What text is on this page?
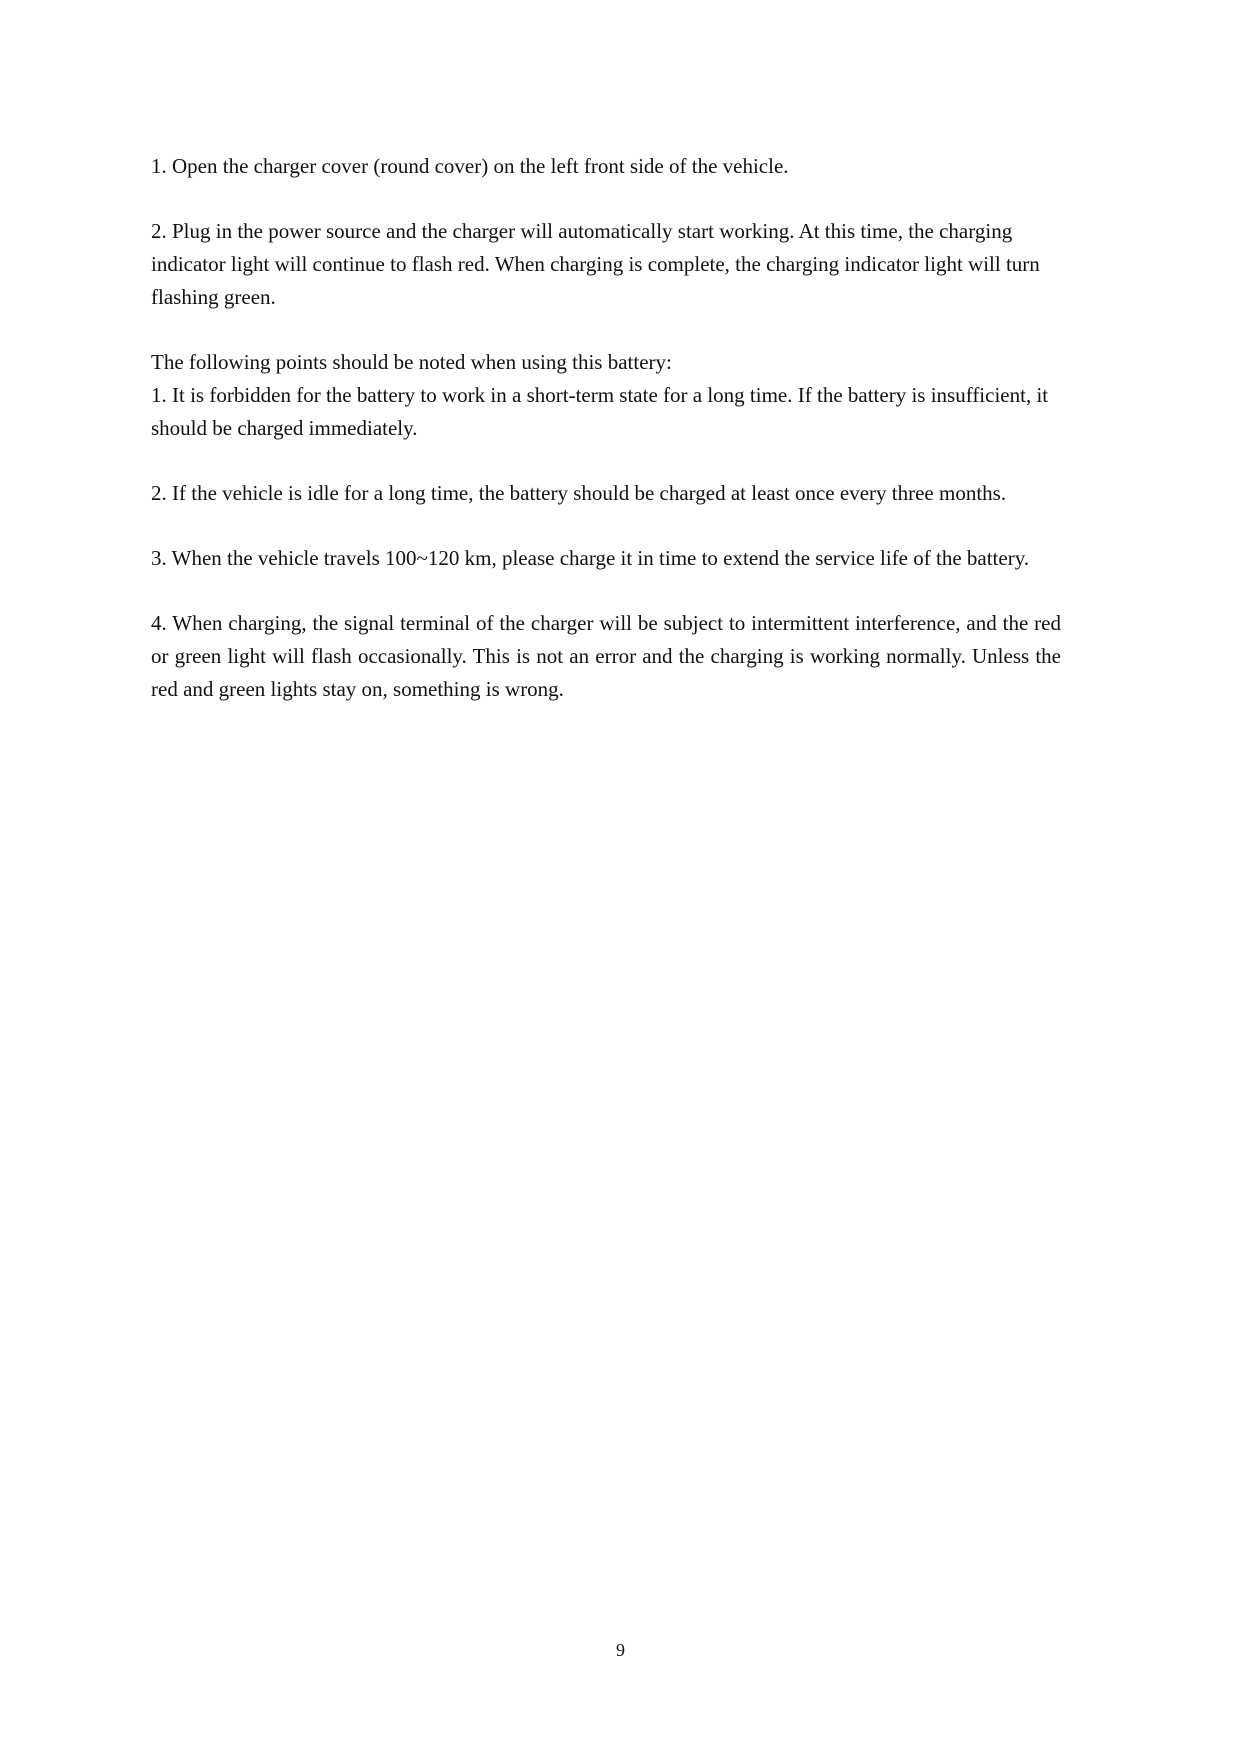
1. Open the charger cover (round cover) on the left front side of the vehicle.

2. Plug in the power source and the charger will automatically start working. At this time, the charging indicator light will continue to flash red. When charging is complete, the charging indicator light will turn flashing green.

The following points should be noted when using this battery:

1. It is forbidden for the battery to work in a short-term state for a long time. If the battery is insufficient, it should be charged immediately.

2. If the vehicle is idle for a long time, the battery should be charged at least once every three months.

3. When the vehicle travels 100~120 km, please charge it in time to extend the service life of the battery.

4. When charging, the signal terminal of the charger will be subject to intermittent interference, and the red or green light will flash occasionally. This is not an error and the charging is working normally. Unless the red and green lights stay on, something is wrong.

9
